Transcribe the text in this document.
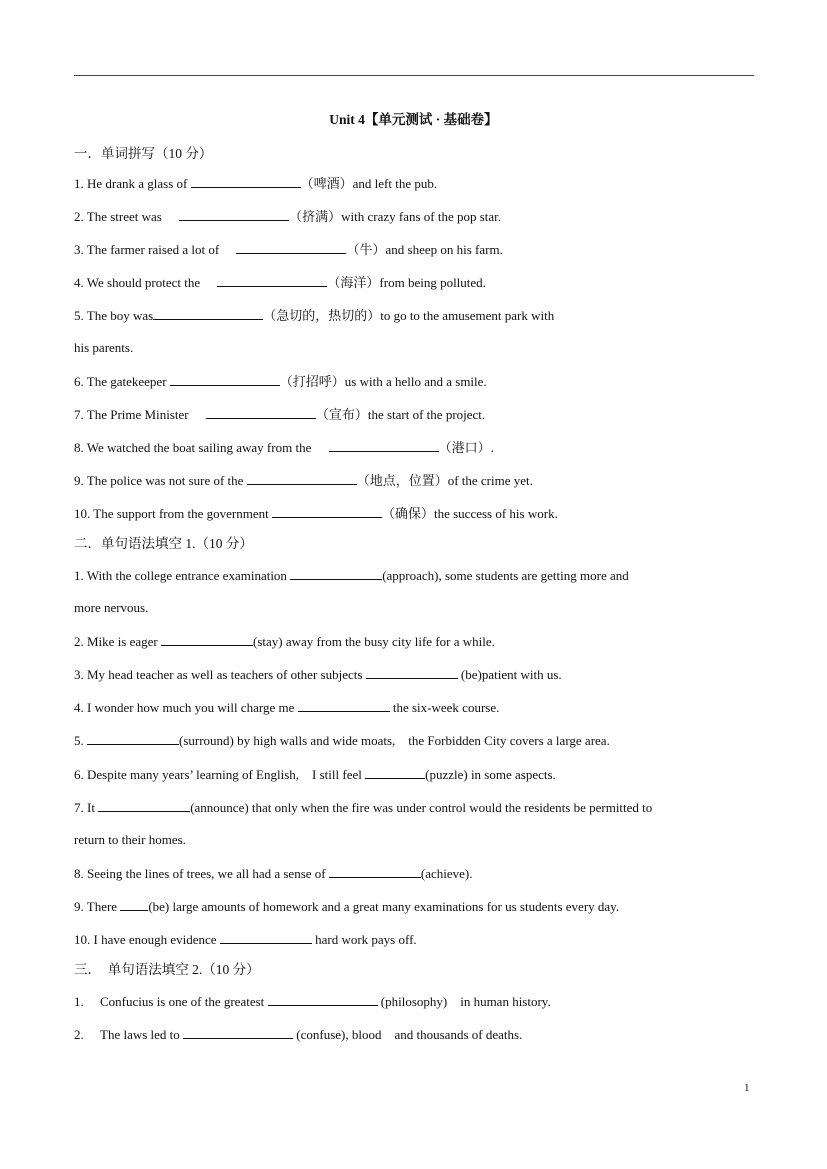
Unit 4【单元测试 · 基础卷】
一．单词拼写（10 分）
1. He drank a glass of	（啤酒）and left the pub.
2. The street was	（挤满）with crazy fans of the pop star.
3. The farmer raised a lot of	（牛）and sheep on his farm.
4. We should protect the	（海洋）from being polluted.
5. The boy was	（急切的，热切的）to go to the amusement park with
his parents.
6. The gatekeeper	（打招呼）us with a hello and a smile.
7. The Prime Minister	（宣布）the start of the project.
8. We watched the boat sailing away from the	（港口）.
9. The police was not sure of the	（地点，位置）of the crime yet.
10. The support from the government	（确保）the success of his work.
二．单句语法填空 1.（10 分）
1. With the college entrance examination	(approach), some students are getting more and
more nervous.
2. Mike is eager	(stay) away from the busy city life for a while.
3. My head teacher as well as teachers of other subjects	(be)patient with us.
4. I wonder how much you will charge me	the six-week course.
5.	(surround) by high walls and wide moats,　the Forbidden City covers a large area.
6. Despite many years’ learning of English,　I still feel	(puzzle) in some aspects.
7. It	(announce) that only when the fire was under control would the residents be permitted to
return to their homes.
8. Seeing the lines of trees, we all had a sense of	(achieve).
9. There (be) large amounts of homework and a great many examinations for us students every day.
10. I have enough evidence	hard work pays off.
三．　单句语法填空 2.（10 分）
1. Confucius is one of the greatest	(philosophy)　in human history.
2. The laws led to	(confuse), blood　and thousands of deaths.
1
